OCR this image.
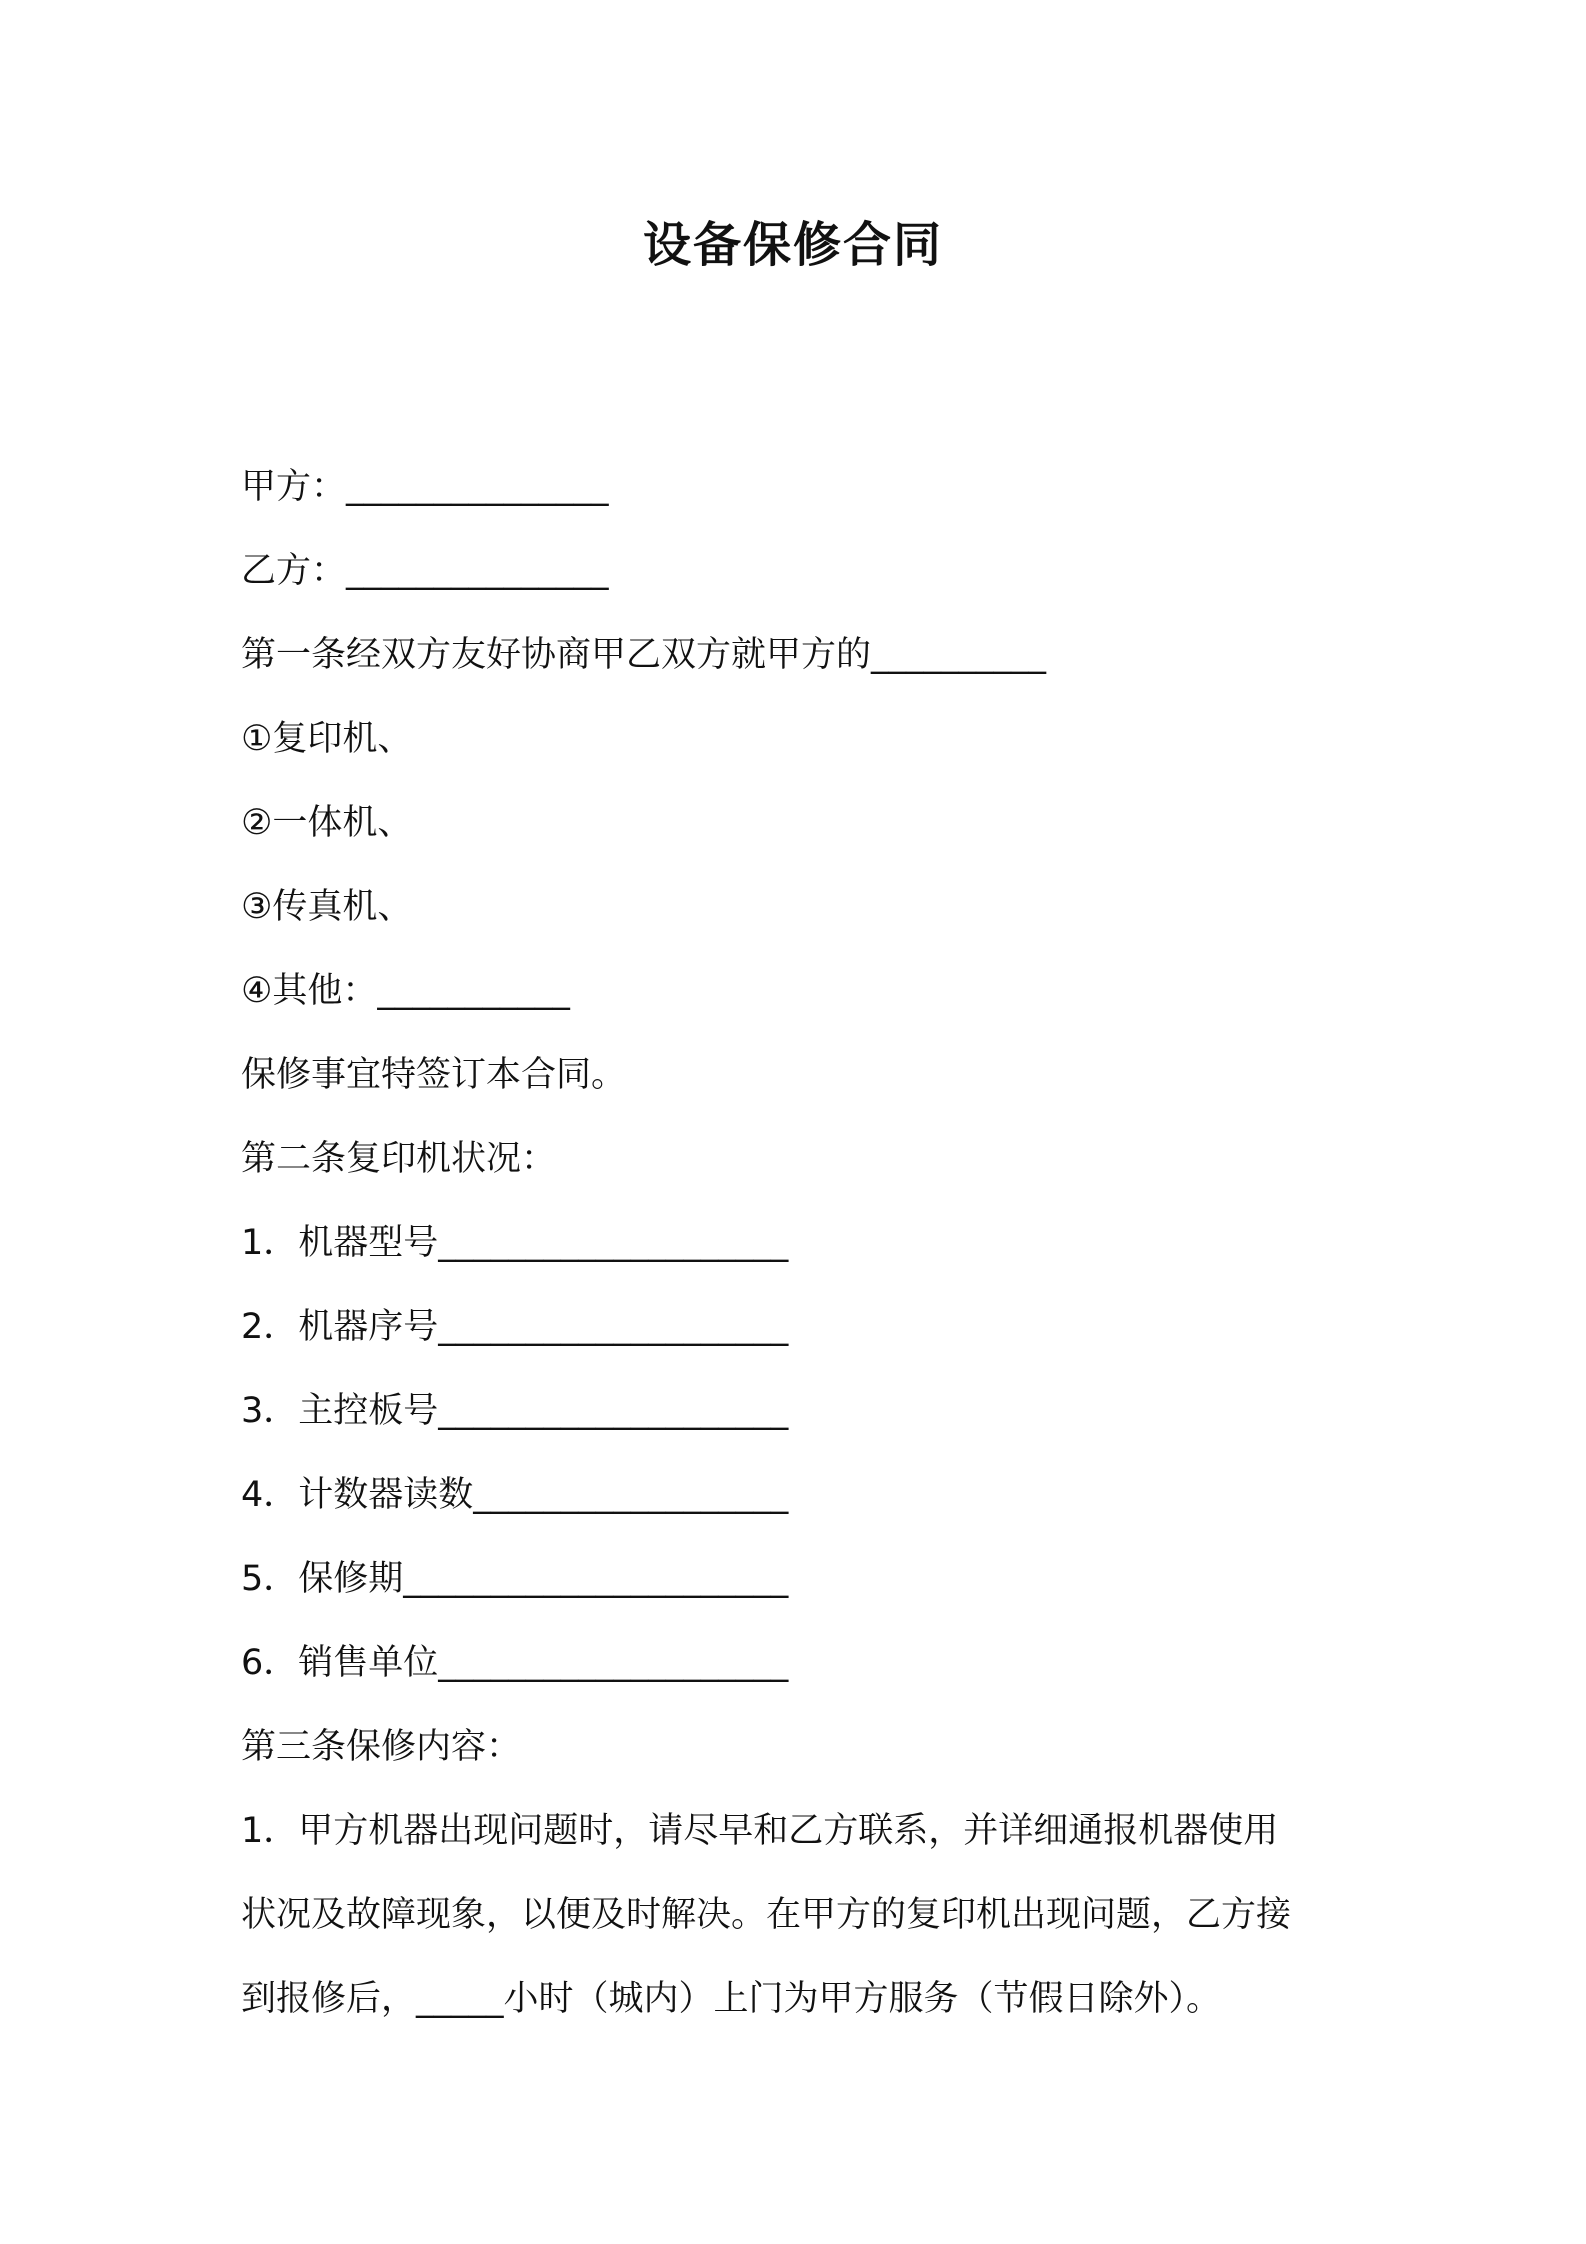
设备保修合同
甲方：_______________
乙方：_______________
第一条经双方友好协商甲乙双方就甲方的__________
①复印机、
②一体机、
③传真机、
④其他：___________
保修事宜特签订本合同。
第二条复印机状况：
1．机器型号____________________
2．机器序号____________________
3．主控板号____________________
4．计数器读数__________________
5．保修期______________________
6．销售单位____________________
第三条保修内容：
1．甲方机器出现问题时，请尽早和乙方联系，并详细通报机器使用
状况及故障现象，以便及时解决。在甲方的复印机出现问题，乙方接
到报修后，_____小时（城内）上门为甲方服务（节假日除外）。
